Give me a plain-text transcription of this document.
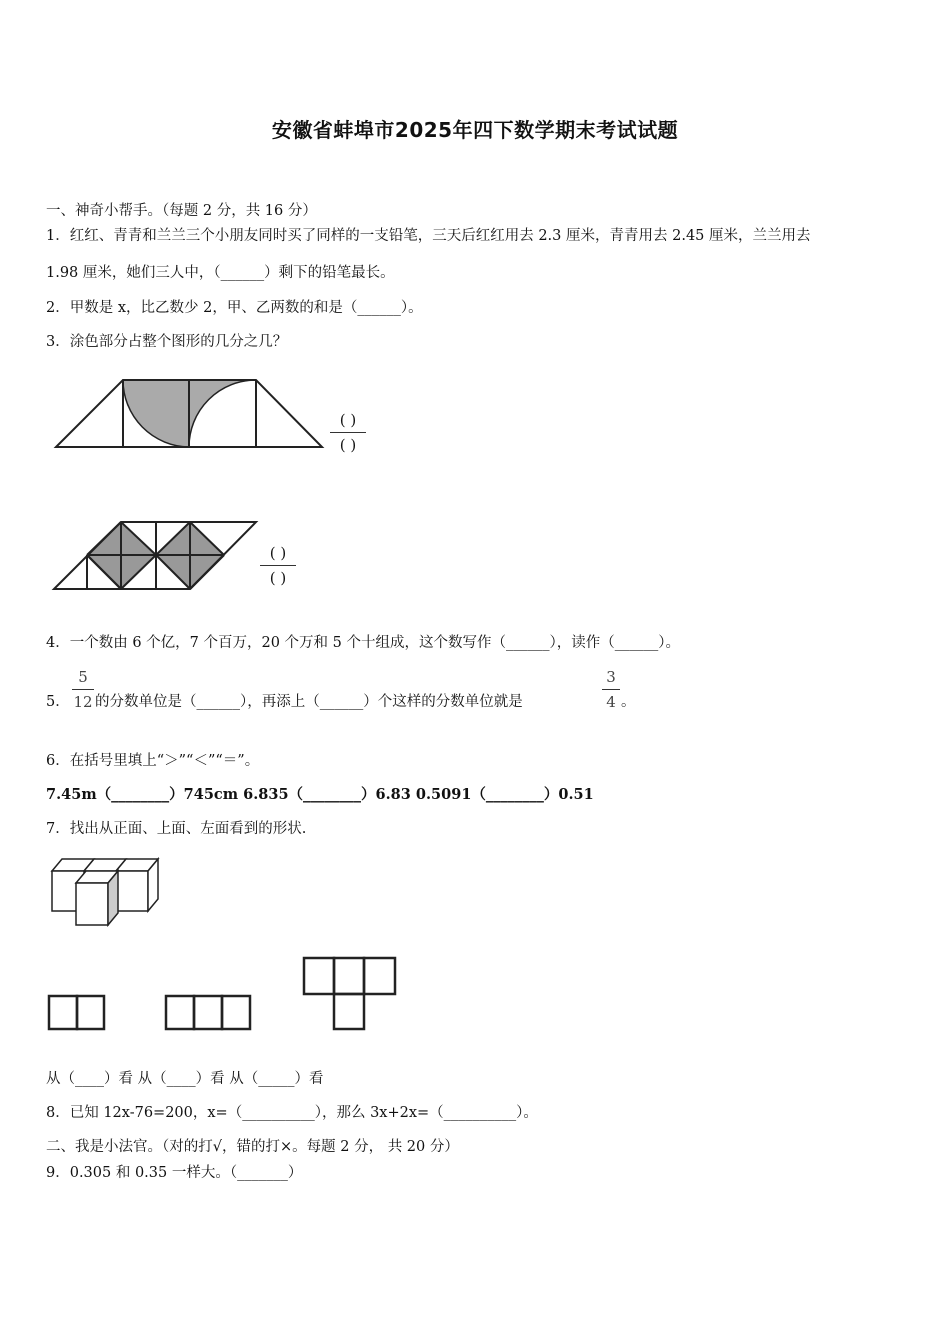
安徽省蚌埠市2025年四下数学期末考试试题
一、神奇小帮手。（每题 2 分，共 16 分）
1．红红、青青和兰兰三个小朋友同时买了同样的一支铅笔，三天后红红用去 2.3 厘米，青青用去 2.45 厘米，兰兰用去
1.98 厘米，她们三人中，（______）剩下的铅笔最长。
2．甲数是 x，比乙数少 2，甲、乙两数的和是（______）。
3．涂色部分占整个图形的几分之几？
( )
( )
( )
( )
4．一个数由 6 个亿，7 个百万，20 个万和 5 个十组成，这个数写作（______），读作（______）。
5．
5
12 的分数单位是（______），再添上（______）个这样的分数单位就是
3
4 。
6．在括号里填上“＞”“＜”“＝”。
7.45m（________）745cm 6.835（________）6.83 0.5091（________）0.51
7．找出从正面、上面、左面看到的形状.
从（____）看 从（____）看 从（_____）看
8．已知 12x-76=200，x=（__________），那么 3x+2x=（__________）。
二、我是小法官。（对的打√，错的打×。每题 2 分， 共 20 分）
9．0.305 和 0.35 一样大。（_______）
